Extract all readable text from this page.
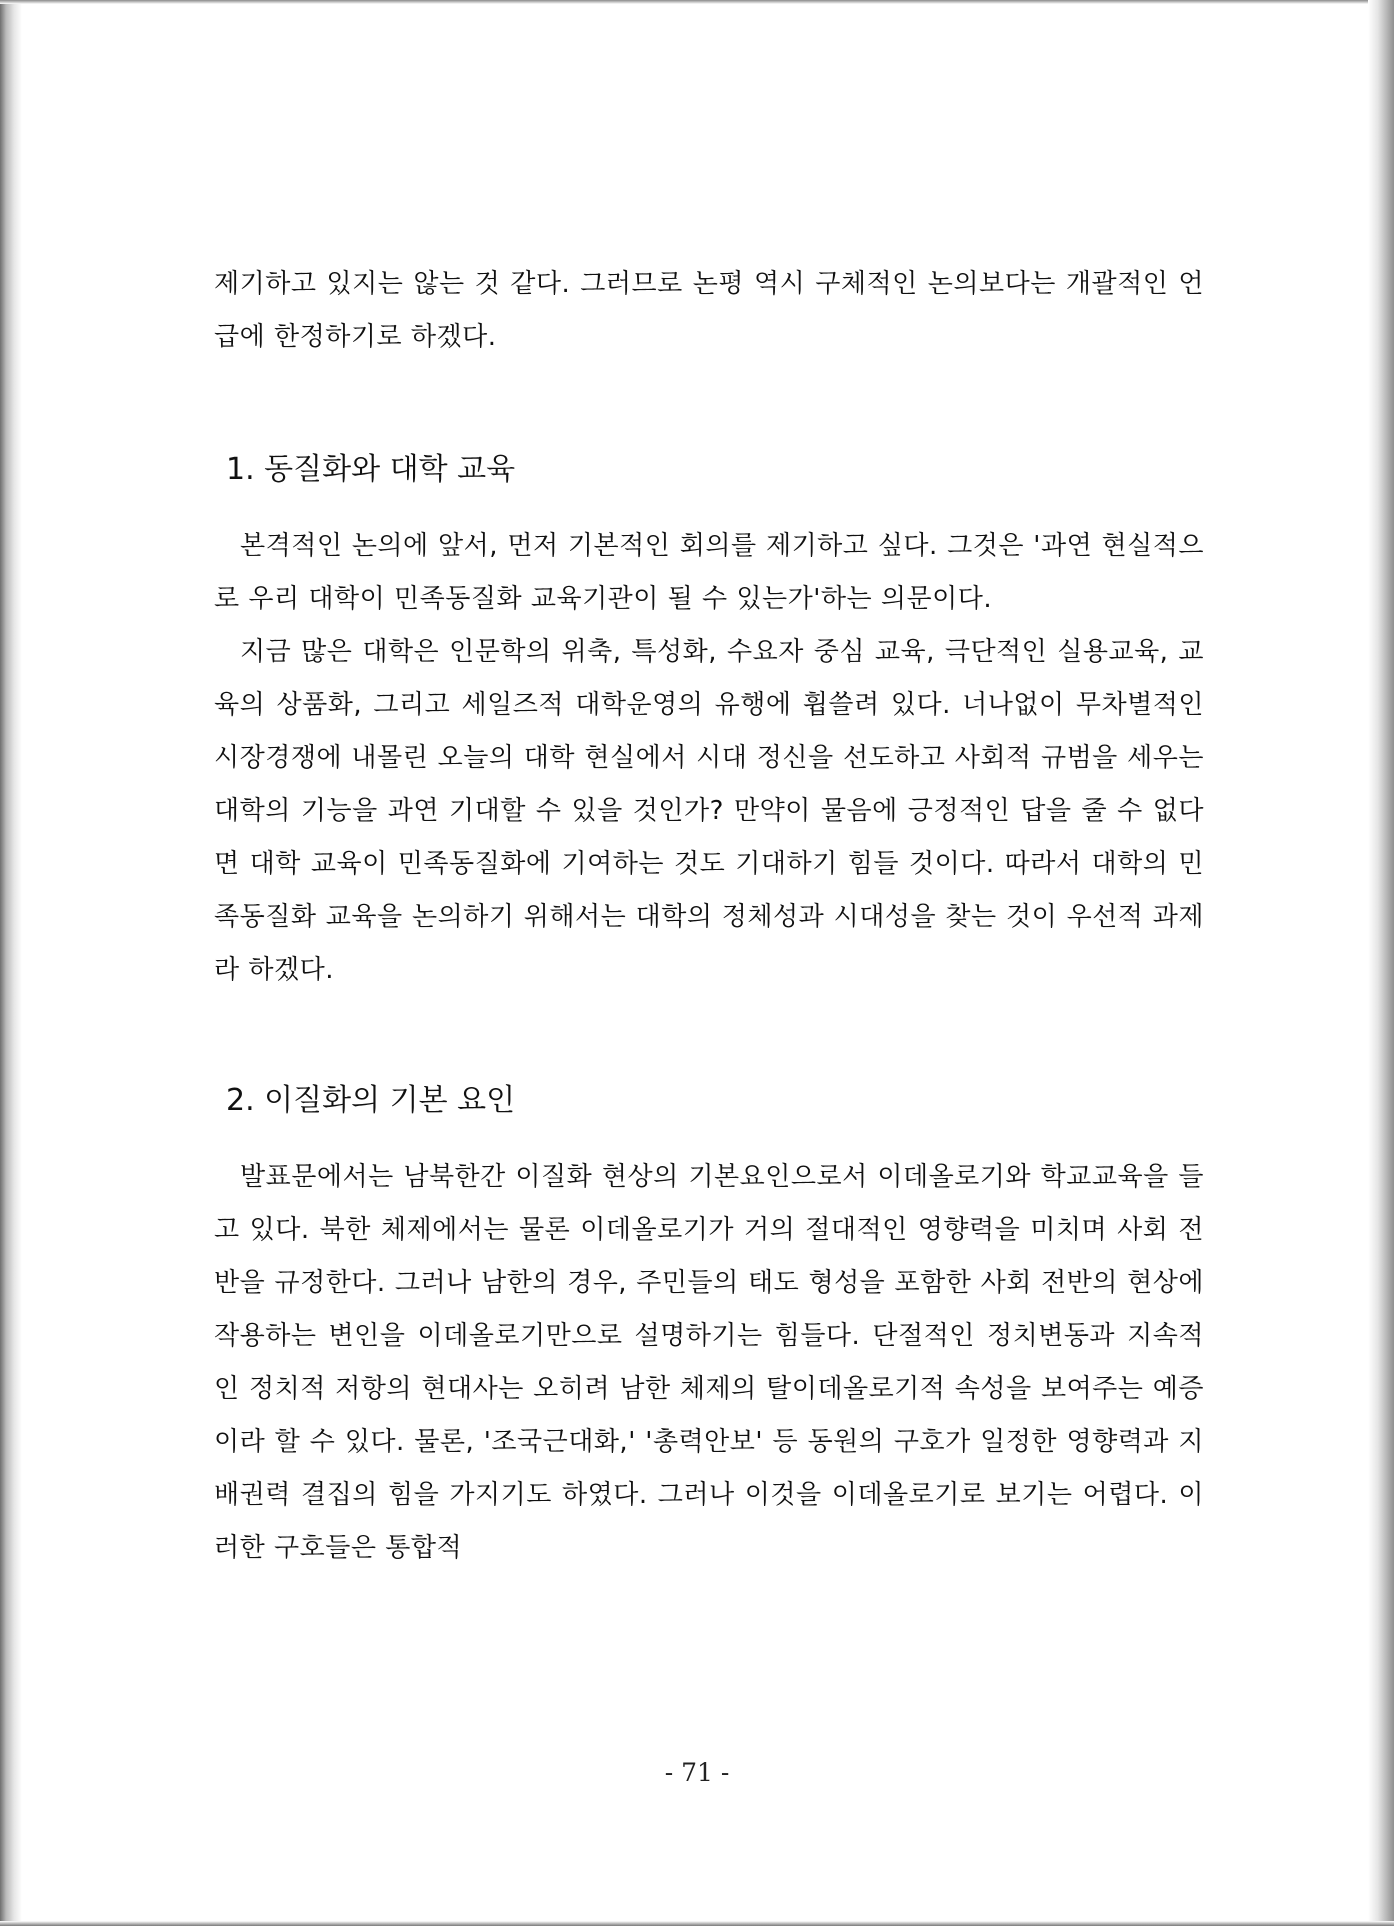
제기하고 있지는 않는 것 같다. 그러므로 논평 역시 구체적인 논의보다는 개괄적인 언급에 한정하기로 하겠다.

1. 동질화와 대학 교육

본격적인 논의에 앞서, 먼저 기본적인 회의를 제기하고 싶다. 그것은 '과연 현실적으로 우리 대학이 민족동질화 교육기관이 될 수 있는가'하는 의문이다.

지금 많은 대학은 인문학의 위축, 특성화, 수요자 중심 교육, 극단적인 실용교육, 교육의 상품화, 그리고 세일즈적 대학운영의 유행에 휩쓸려 있다. 너나없이 무차별적인 시장경쟁에 내몰린 오늘의 대학 현실에서 시대 정신을 선도하고 사회적 규범을 세우는 대학의 기능을 과연 기대할 수 있을 것인가? 만약이 물음에 긍정적인 답을 줄 수 없다면 대학 교육이 민족동질화에 기여하는 것도 기대하기 힘들 것이다. 따라서 대학의 민족동질화 교육을 논의하기 위해서는 대학의 정체성과 시대성을 찾는 것이 우선적 과제라 하겠다.

2. 이질화의 기본 요인

발표문에서는 남북한간 이질화 현상의 기본요인으로서 이데올로기와 학교교육을 들고 있다. 북한 체제에서는 물론 이데올로기가 거의 절대적인 영향력을 미치며 사회 전반을 규정한다. 그러나 남한의 경우, 주민들의 태도 형성을 포함한 사회 전반의 현상에 작용하는 변인을 이데올로기만으로 설명하기는 힘들다. 단절적인 정치변동과 지속적인 정치적 저항의 현대사는 오히려 남한 체제의 탈이데올로기적 속성을 보여주는 예증이라 할 수 있다. 물론, '조국근대화,' '총력안보' 등 동원의 구호가 일정한 영향력과 지배권력 결집의 힘을 가지기도 하였다. 그러나 이것을 이데올로기로 보기는 어렵다. 이러한 구호들은 통합적

- 71 -
